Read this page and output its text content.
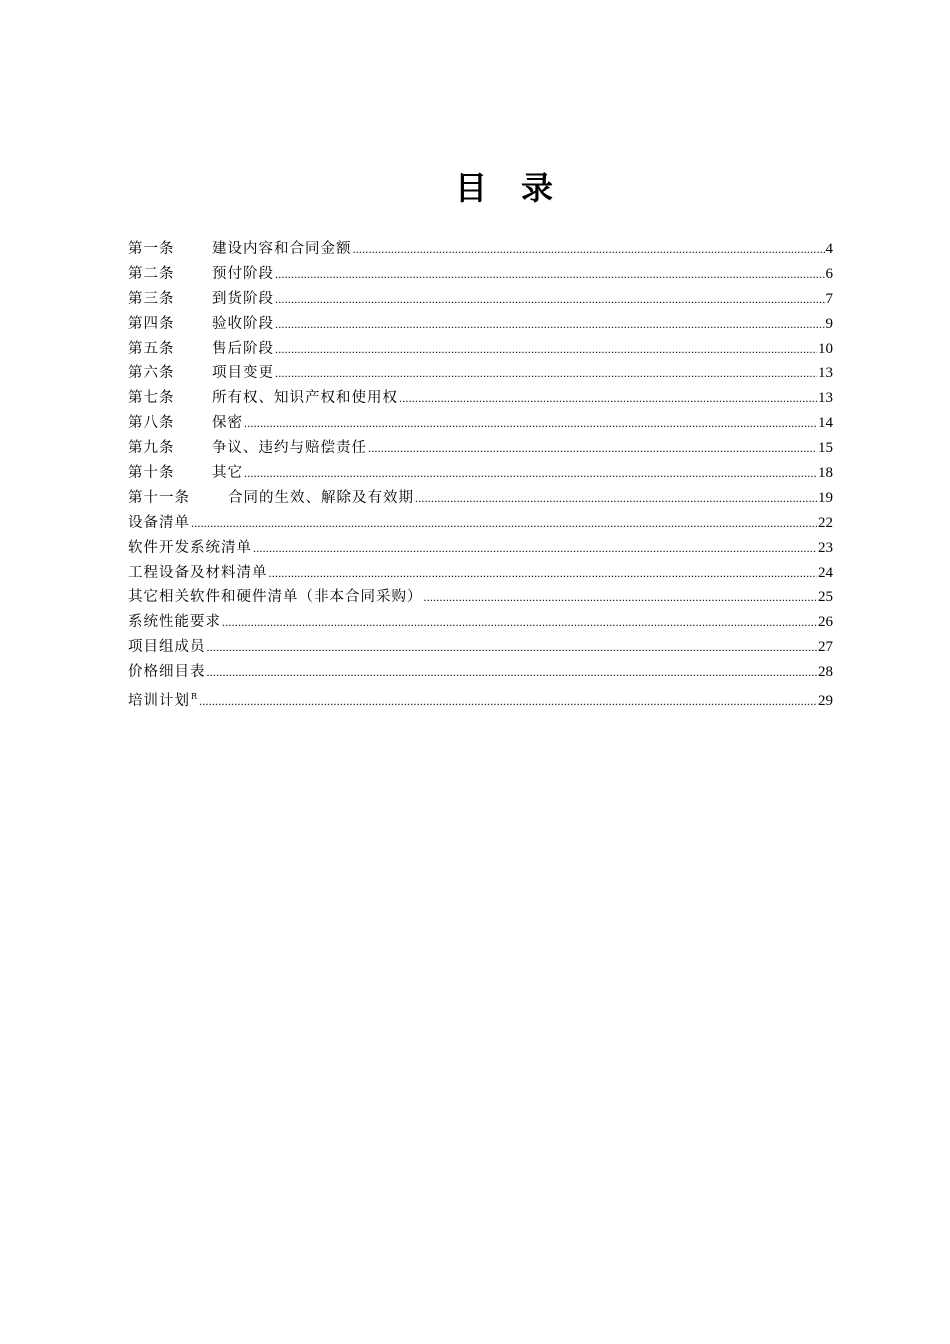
目 录
第一条	建设内容和合同金额 .....	4
第二条	预付阶段 .....	6
第三条	到货阶段 .....	7
第四条	验收阶段 .....	9
第五条	售后阶段 .....	10
第六条	项目变更 .....	13
第七条	所有权、知识产权和使用权 .....	13
第八条	保密 .....	14
第九条	争议、违约与赔偿责任 .....	15
第十条	其它 .....	18
第十一条	合同的生效、解除及有效期 .....	19
设备清单 .....	22
软件开发系统清单 .....	23
工程设备及材料清单 .....	24
其它相关软件和硬件清单（非本合同采购） .....	25
系统性能要求 .....	26
项目组成员 .....	27
价格细目表 .....	28
培训计划$^R$ .....	29
